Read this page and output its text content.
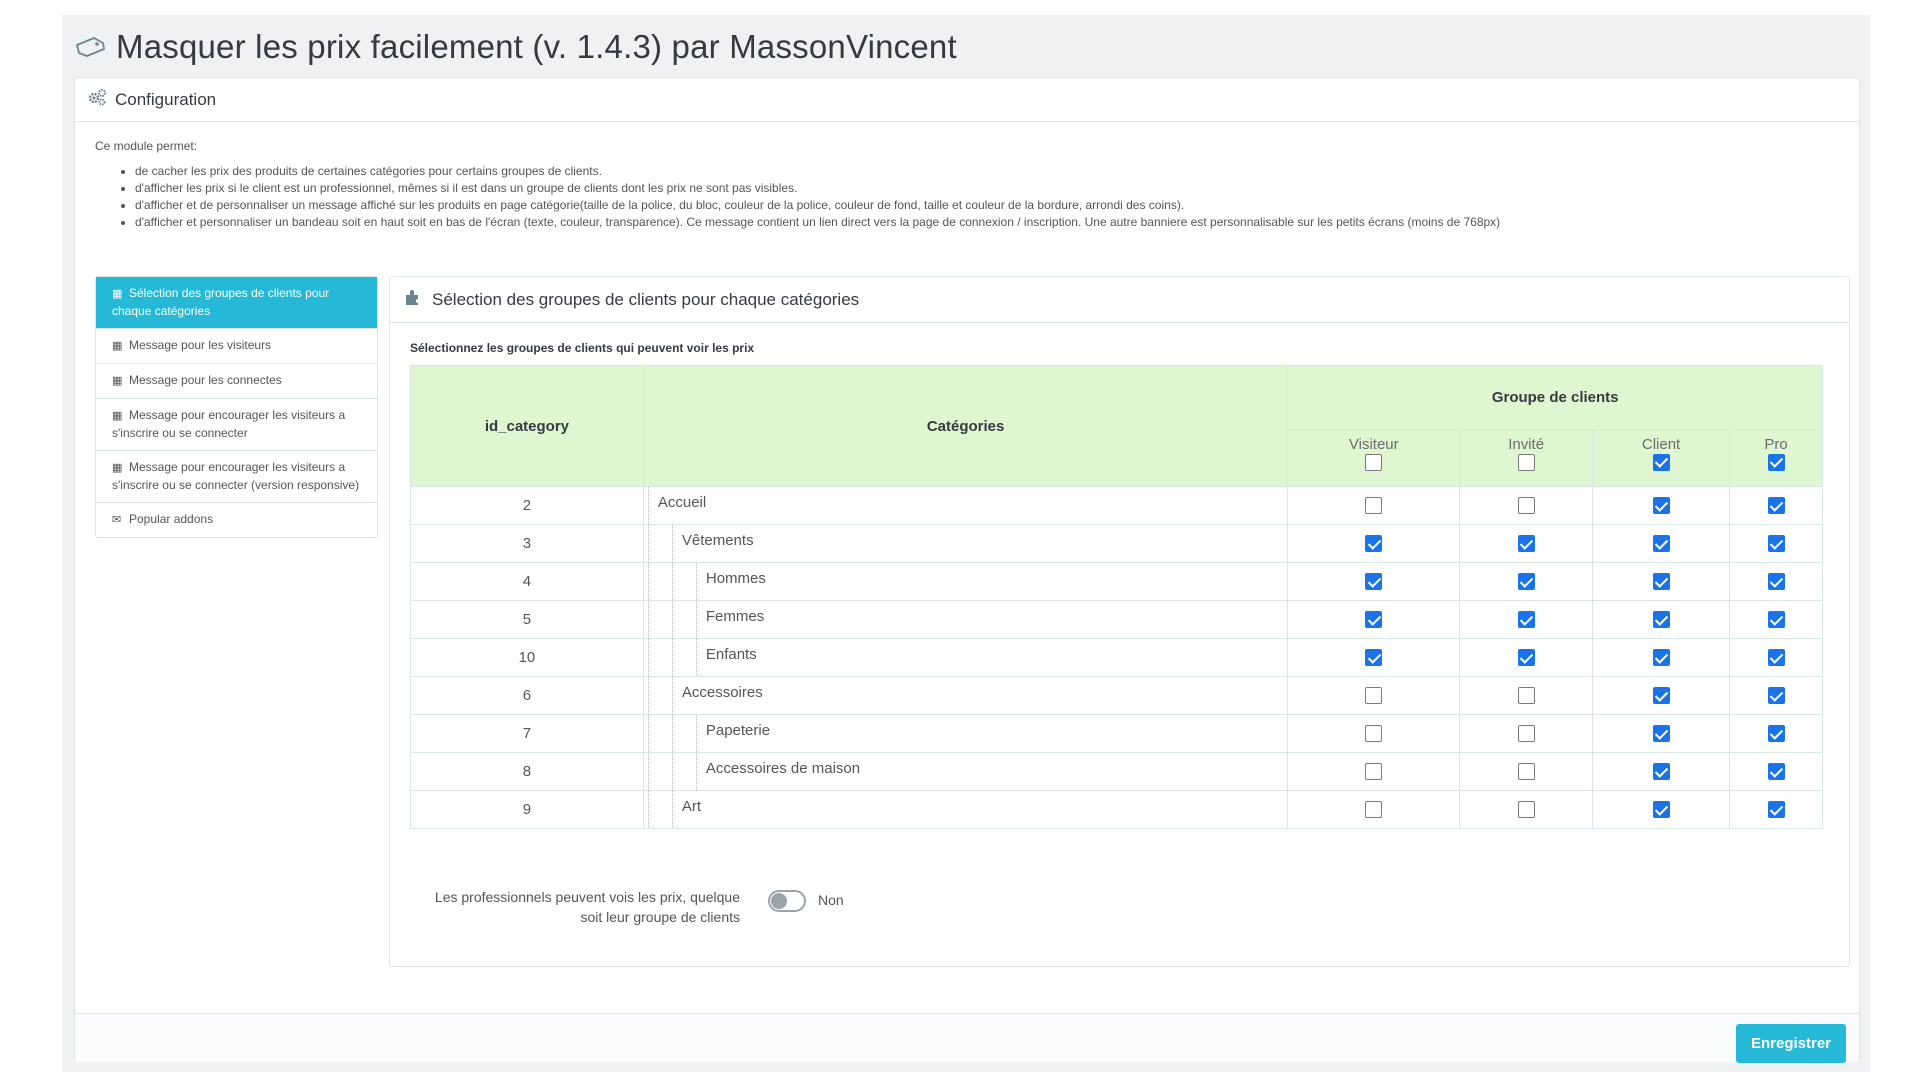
Masquer les prix facilement (v. 1.4.3) par MassonVincent
Configuration
Ce module permet:
• de cacher les prix des produits de certaines catégories pour certains groupes de clients.
• d'afficher les prix si le client est un professionnel, mêmes si il est dans un groupe de clients dont les prix ne sont pas visibles.
• d'afficher et de personnaliser un message affiché sur les produits en page catégorie(taille de la police, du bloc, couleur de la police, couleur de fond, taille et couleur de la bordure, arrondi des coins).
• d'afficher et personnaliser un bandeau soit en haut soit en bas de l'écran (texte, couleur, transparence). Ce message contient un lien direct vers la page de connexion / inscription. Une autre banniere est personnalisable sur les petits écrans (moins de 768px)
▦ Sélection des groupes de clients pour chaque catégories
▦ Message pour les visiteurs
▦ Message pour les connectes
▦ Message pour encourager les visiteurs a s'inscrire ou se connecter
▦ Message pour encourager les visiteurs a s'inscrire ou se connecter (version responsive)
✉ Popular addons
Sélection des groupes de clients pour chaque catégories
Sélectionnez les groupes de clients qui peuvent voir les prix
id_category	Catégories	Groupe de clients			

		Visiteur	Invité	Client	Pro

2	Accueil				

3	Vêtements				

4	Hommes				

5	Femmes				

10	Enfants				

6	Accessoires				

7	Papeterie				

8	Accessoires de maison				

9	Art				

Les professionnels peuvent vois les prix, quelque soit leur groupe de clients
Non
Enregistrer
